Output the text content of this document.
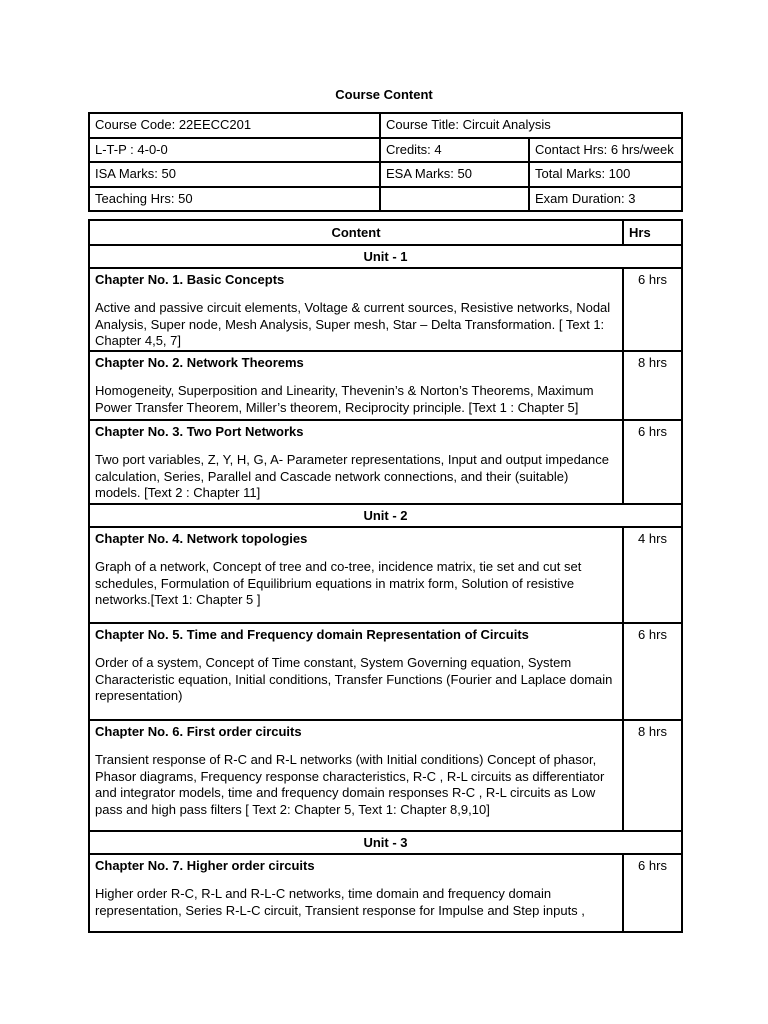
Course Content
Course Code: 22EECC201	Course Title: Circuit Analysis	
L-T-P : 4-0-0	Credits: 4	Contact Hrs: 6 hrs/week
ISA Marks: 50	ESA Marks: 50	Total Marks: 100
Teaching Hrs: 50		Exam Duration: 3
Content	Hrs
Unit - 1	

Chapter No. 1. Basic Concepts
Active and passive circuit elements, Voltage & current sources, Resistive networks, Nodal Analysis, Super node, Mesh Analysis, Super mesh, Star – Delta Transformation. [ Text 1: Chapter 4,5, 7]	6 hrs

Chapter No. 2. Network Theorems
Homogeneity, Superposition and Linearity, Thevenin’s & Norton’s Theorems, Maximum Power Transfer Theorem, Miller’s theorem, Reciprocity principle. [Text 1 : Chapter 5]	8 hrs

Chapter No. 3. Two Port Networks
Two port variables, Z, Y, H, G, A- Parameter representations, Input and output impedance calculation, Series, Parallel and Cascade network connections, and their (suitable) models. [Text 2 : Chapter 11]	6 hrs

Unit - 2	

Chapter No. 4. Network topologies
Graph of a network, Concept of tree and co-tree, incidence matrix, tie set and cut set schedules, Formulation of Equilibrium equations in matrix form, Solution of resistive networks.[Text 1: Chapter 5 ]	4 hrs

Chapter No. 5. Time and Frequency domain Representation of Circuits
Order of a system, Concept of Time constant, System Governing equation, System Characteristic equation, Initial conditions, Transfer Functions (Fourier and Laplace domain representation)	6 hrs

Chapter No. 6. First order circuits
Transient response of R-C and R-L networks (with Initial conditions) Concept of phasor, Phasor diagrams, Frequency response characteristics, R-C , R-L circuits as differentiator and integrator models, time and frequency domain responses R-C , R-L circuits as Low pass and high pass filters [ Text 2: Chapter 5, Text 1: Chapter 8,9,10]	8 hrs

Unit - 3	

Chapter No. 7. Higher order circuits
Higher order R-C, R-L and R-L-C networks, time domain and frequency domain representation, Series R-L-C circuit, Transient response for Impulse and Step inputs ,	6 hrs
